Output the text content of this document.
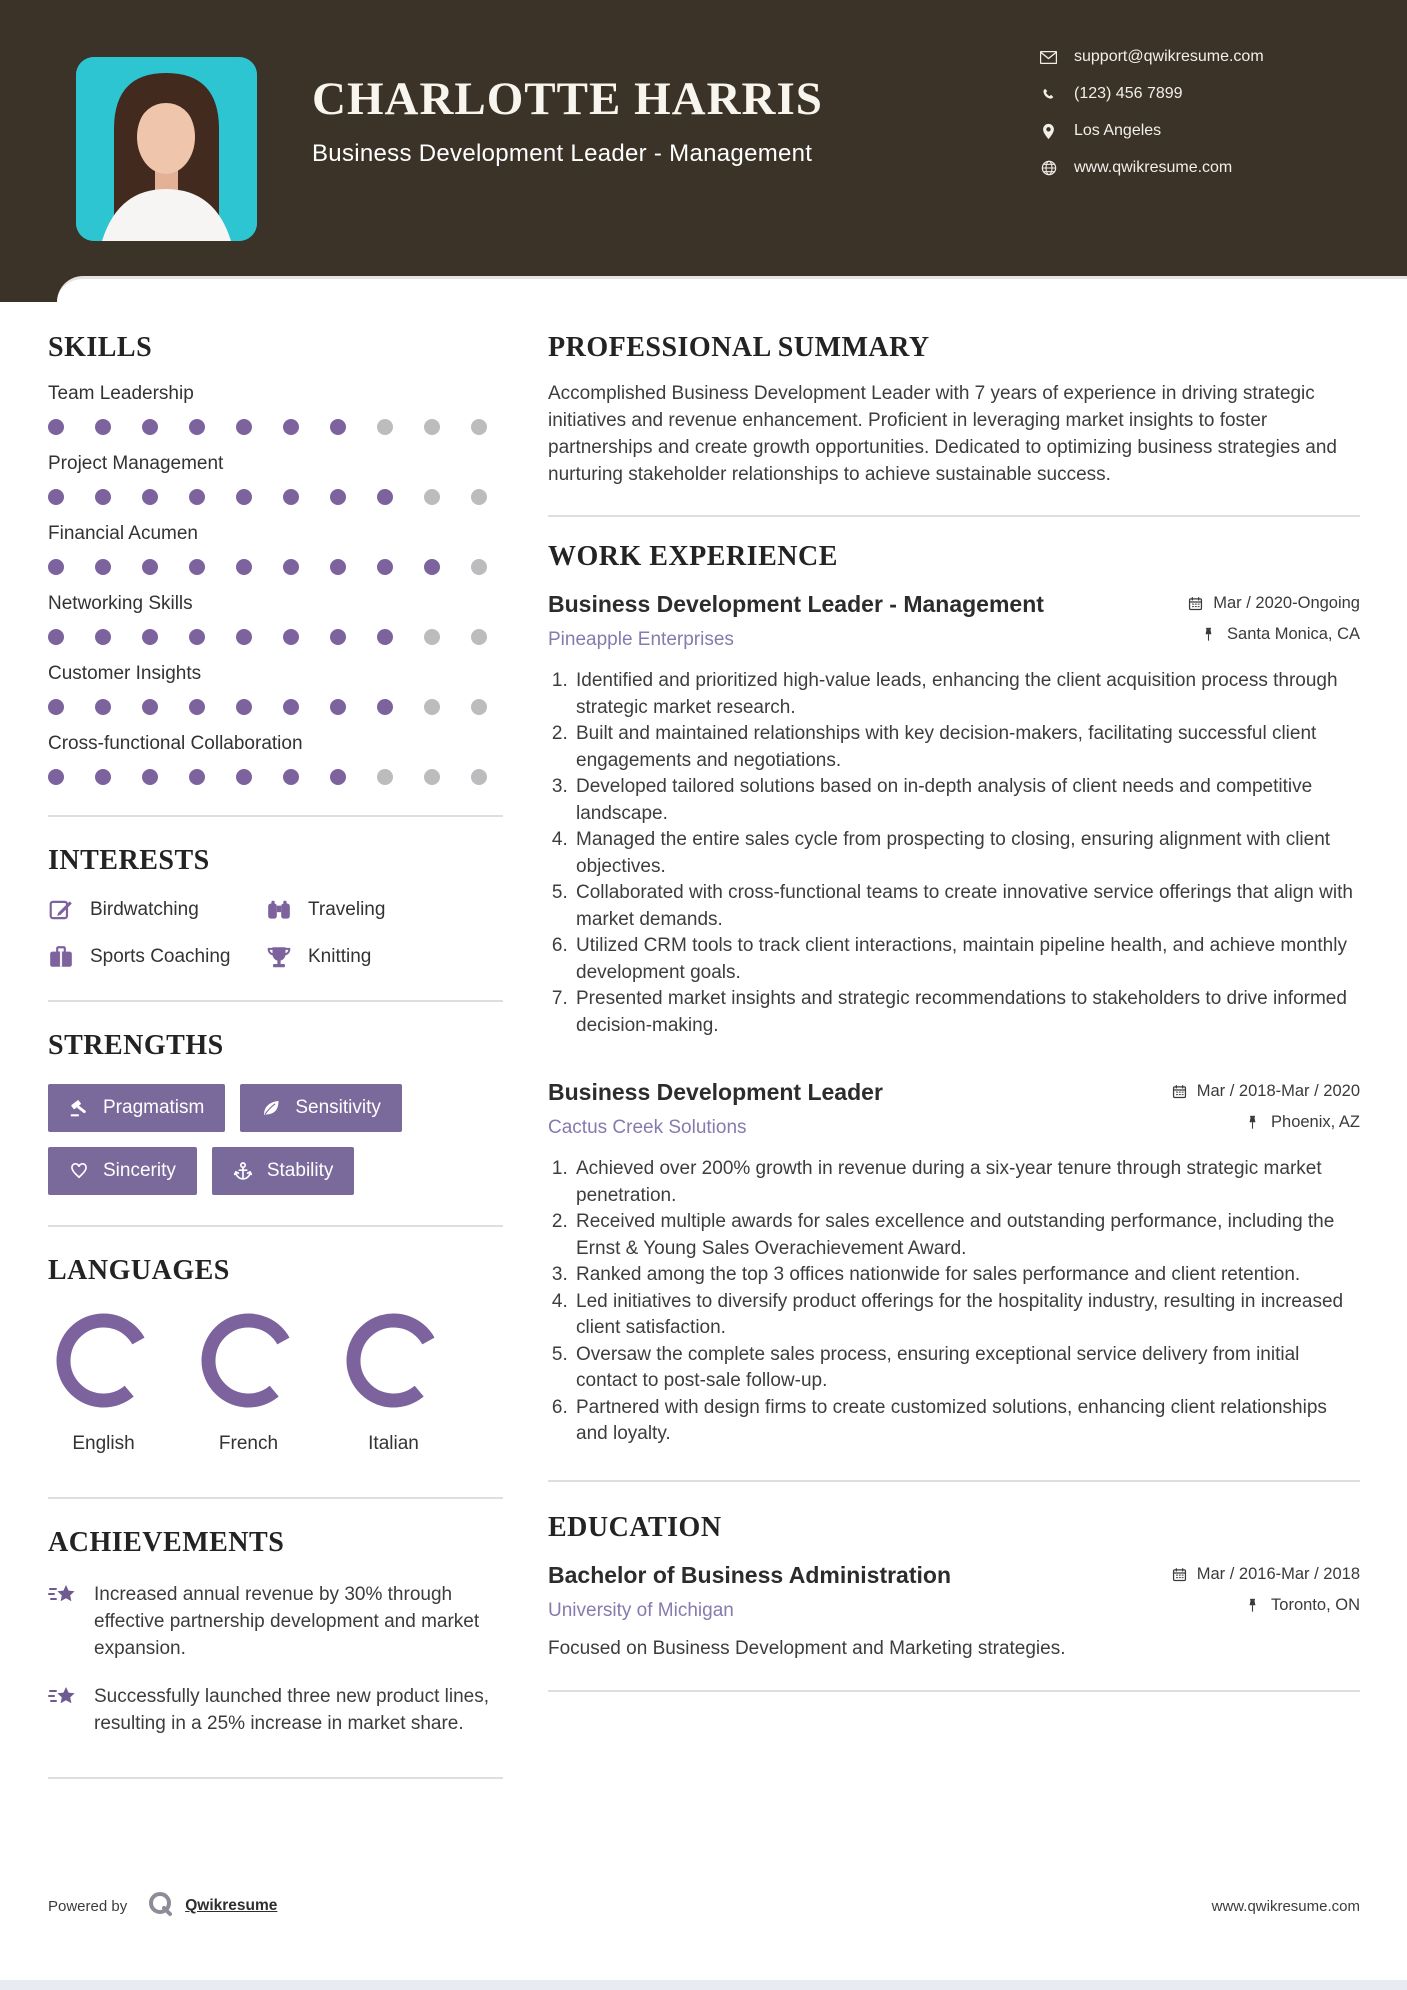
CHARLOTTE HARRIS
Business Development Leader - Management
support@qwikresume.com
(123) 456 7899
Los Angeles
www.qwikresume.com
SKILLS
Team Leadership
Project Management
Financial Acumen
Networking Skills
Customer Insights
Cross-functional Collaboration
INTERESTS
Birdwatching	Traveling
Sports Coaching	Knitting
STRENGTHS
Pragmatism	Sensitivity
Sincerity	Stability
LANGUAGES
English	French	Italian
ACHIEVEMENTS
Increased annual revenue by 30% through effective partnership development and market expansion.
Successfully launched three new product lines, resulting in a 25% increase in market share.
PROFESSIONAL SUMMARY

Accomplished Business Development Leader with 7 years of experience in driving strategic initiatives and revenue enhancement. Proficient in leveraging market insights to foster partnerships and create growth opportunities. Dedicated to optimizing business strategies and nurturing stakeholder relationships to achieve sustainable success.

WORK EXPERIENCE
Business Development Leader - Management
Pineapple Enterprises
Mar / 2020-Ongoing
Santa Monica, CA
1. Identified and prioritized high-value leads, enhancing the client acquisition process through strategic market research.
2. Built and maintained relationships with key decision-makers, facilitating successful client engagements and negotiations.
3. Developed tailored solutions based on in-depth analysis of client needs and competitive landscape.
4. Managed the entire sales cycle from prospecting to closing, ensuring alignment with client objectives.
5. Collaborated with cross-functional teams to create innovative service offerings that align with market demands.
6. Utilized CRM tools to track client interactions, maintain pipeline health, and achieve monthly development goals.
7. Presented market insights and strategic recommendations to stakeholders to drive informed decision-making.
Business Development Leader
Cactus Creek Solutions
Mar / 2018-Mar / 2020
Phoenix, AZ
1. Achieved over 200% growth in revenue during a six-year tenure through strategic market penetration.
2. Received multiple awards for sales excellence and outstanding performance, including the Ernst & Young Sales Overachievement Award.
3. Ranked among the top 3 offices nationwide for sales performance and client retention.
4. Led initiatives to diversify product offerings for the hospitality industry, resulting in increased client satisfaction.
5. Oversaw the complete sales process, ensuring exceptional service delivery from initial contact to post-sale follow-up.
6. Partnered with design firms to create customized solutions, enhancing client relationships and loyalty.
EDUCATION
Bachelor of Business Administration
University of Michigan
Mar / 2016-Mar / 2018
Toronto, ON
Focused on Business Development and Marketing strategies.
Powered by	Qwikresume	www.qwikresume.com
